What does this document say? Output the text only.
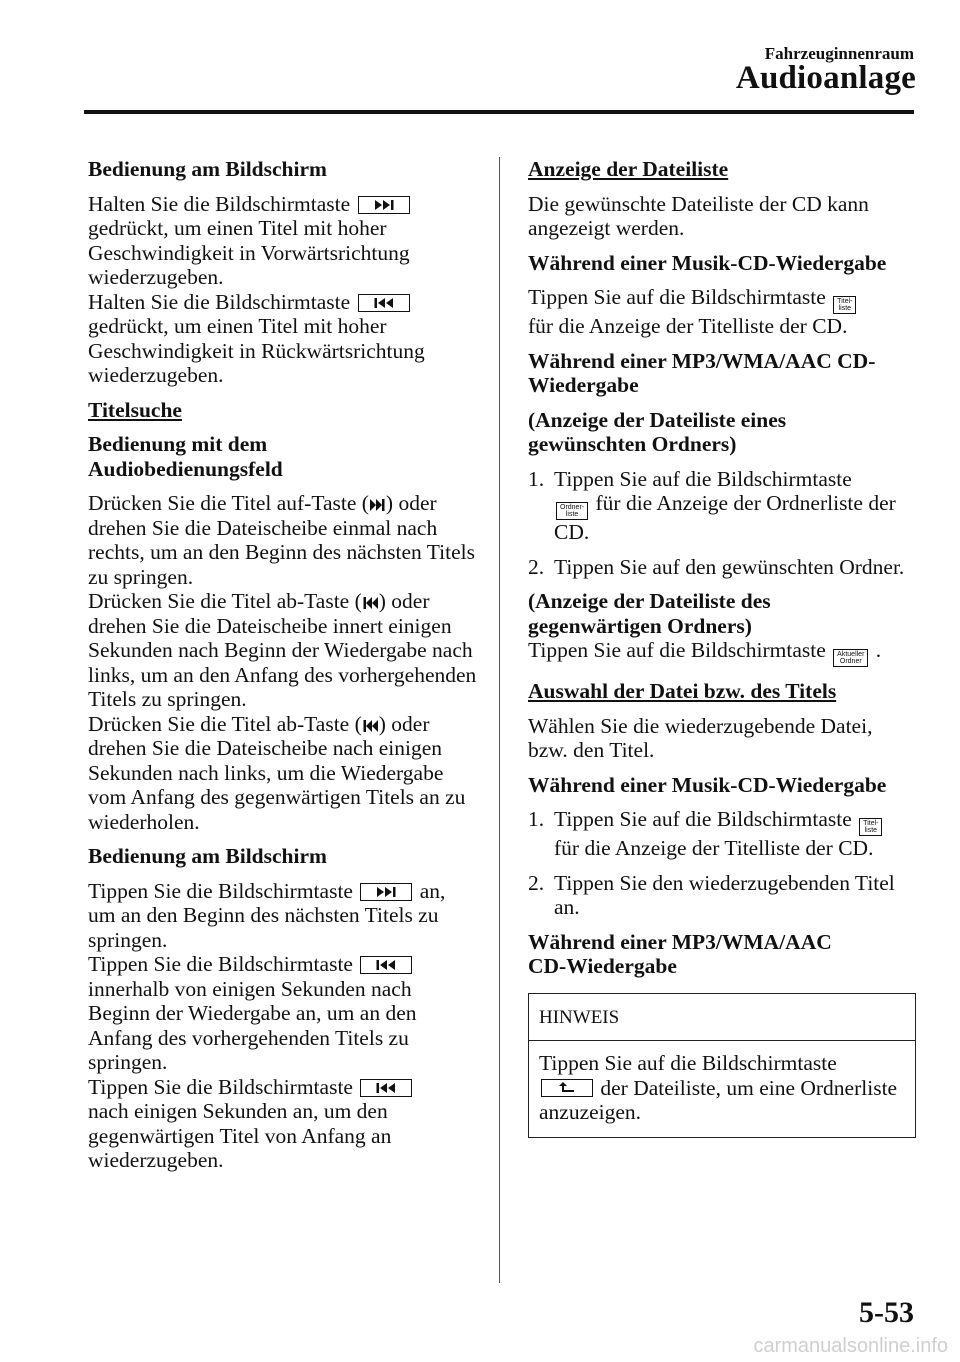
Fahrzeuginnenraum
Audioanlage

Bedienung am Bildschirm

Halten Sie die Bildschirmtaste

gedrückt, um einen Titel mit hoher Geschwindigkeit in Vorwärtsrichtung wiederzugeben.
Halten Sie die Bildschirmtaste

gedrückt, um einen Titel mit hoher Geschwindigkeit in Rückwärtsrichtung wiederzugeben.

Titelsuche

Bedienung mit dem Audiobedienungsfeld

Drücken Sie die Titel auf-Taste ( ) oder drehen Sie die Dateischeibe einmal nach rechts, um an den Beginn des nächsten Titels zu springen.
Drücken Sie die Titel ab-Taste ( ) oder drehen Sie die Dateischeibe innert einigen Sekunden nach Beginn der Wiedergabe nach links, um an den Anfang des vorhergehenden Titels zu springen.
Drücken Sie die Titel ab-Taste ( ) oder drehen Sie die Dateischeibe nach einigen Sekunden nach links, um die Wiedergabe vom Anfang des gegenwärtigen Titels an zu wiederholen.

Bedienung am Bildschirm

Tippen Sie die Bildschirmtaste	an, um an den Beginn des nächsten Titels zu springen.
Tippen Sie die Bildschirmtaste

innerhalb von einigen Sekunden nach Beginn der Wiedergabe an, um an den Anfang des vorhergehenden Titels zu springen.
Tippen Sie die Bildschirmtaste

nach einigen Sekunden an, um den gegenwärtigen Titel von Anfang an wiederzugeben.

Anzeige der Dateiliste

Die gewünschte Dateiliste der CD kann angezeigt werden.

Während einer Musik-CD-Wiedergabe

Tippen Sie auf die Bildschirmtaste Titel-
liste

für die Anzeige der Titelliste der CD.

Während einer MP3/WMA/AAC CD-Wiedergabe

(Anzeige der Dateiliste eines gewünschten Ordners)

1. Tippen Sie auf die Bildschirmtaste

Ordner-
liste für die Anzeige der Ordnerliste der CD.
2. Tippen Sie auf den gewünschten Ordner.

(Anzeige der Dateiliste des gegenwärtigen Ordners)
Tippen Sie auf die Bildschirmtaste Aktueller
Ordner .

Auswahl der Datei bzw. des Titels

Wählen Sie die wiederzugebende Datei, bzw. den Titel.

Während einer Musik-CD-Wiedergabe

1. Tippen Sie auf die Bildschirmtaste Titel-
liste

für die Anzeige der Titelliste der CD.
2. Tippen Sie den wiederzugebenden Titel an.

Während einer MP3/WMA/AAC CD-Wiedergabe

HINWEIS
Tippen Sie auf die Bildschirmtaste

der Dateiliste, um eine Ordnerliste anzuzeigen.
5-53
carmanualsonline.info
